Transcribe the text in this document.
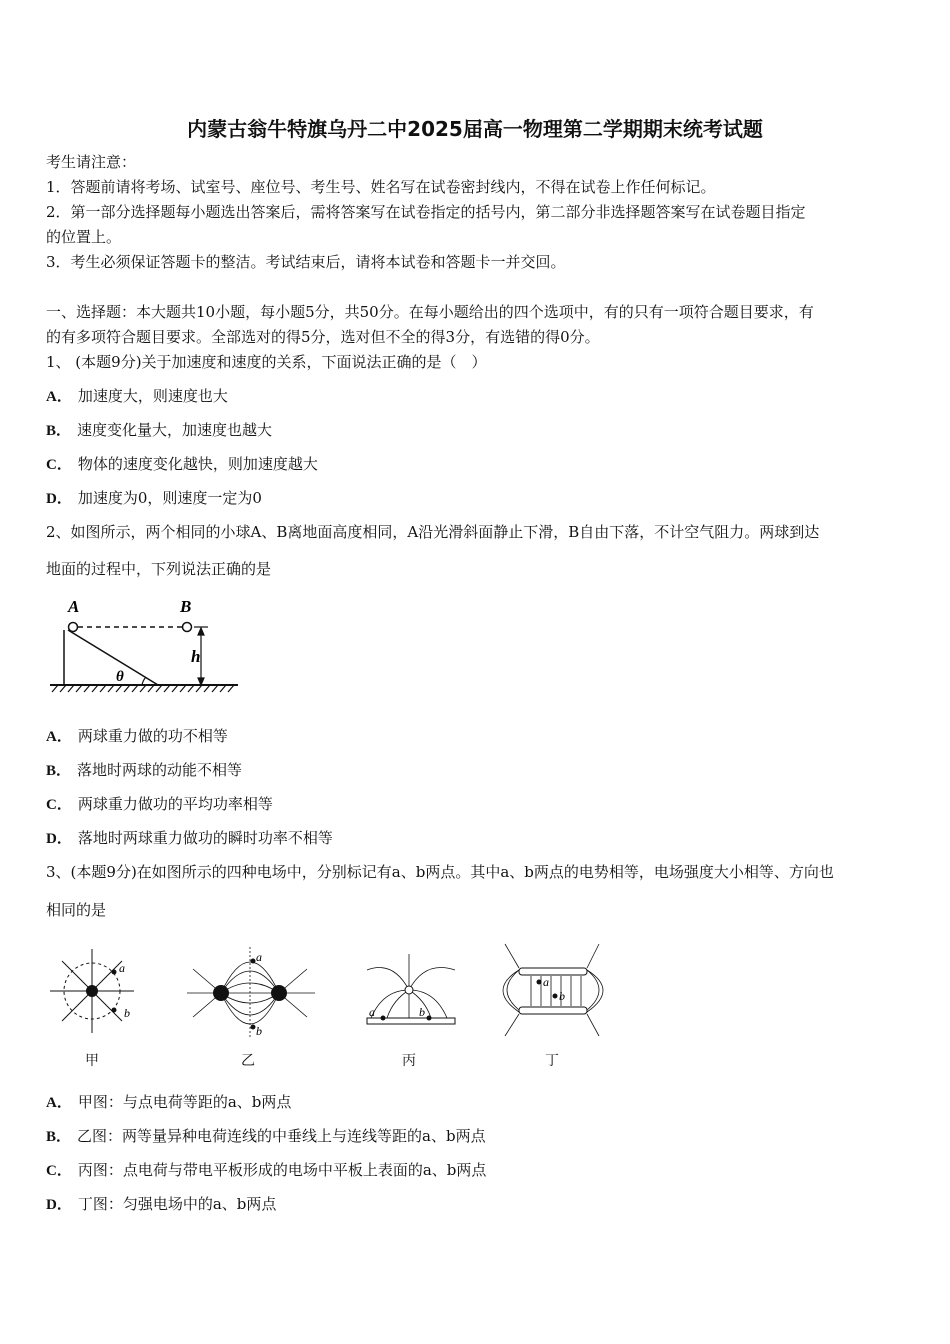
内蒙古翁牛特旗乌丹二中2025届高一物理第二学期期末统考试题
考生请注意：
1．答题前请将考场、试室号、座位号、考生号、姓名写在试卷密封线内，不得在试卷上作任何标记。
2．第一部分选择题每小题选出答案后，需将答案写在试卷指定的括号内，第二部分非选择题答案写在试卷题目指定
的位置上。
3．考生必须保证答题卡的整洁。考试结束后，请将本试卷和答题卡一并交回。
一、选择题：本大题共10小题，每小题5分，共50分。在每小题给出的四个选项中，有的只有一项符合题目要求，有
的有多项符合题目要求。全部选对的得5分，选对但不全的得3分，有选错的得0分。
1、 (本题9分)关于加速度和速度的关系，下面说法正确的是（　）
A． 加速度大，则速度也大
B． 速度变化量大，加速度也越大
C． 物体的速度变化越快，则加速度越大
D． 加速度为0，则速度一定为0
2、如图所示，两个相同的小球A、B离地面高度相同，A沿光滑斜面静止下滑，B自由下落，不计空气阻力。两球到达
地面的过程中，下列说法正确的是
A	B
h
θ
A． 两球重力做的功不相等
B． 落地时两球的动能不相等
C． 两球重力做功的平均功率相等
D． 落地时两球重力做功的瞬时功率不相等
3、(本题9分)在如图所示的四种电场中，分别标记有a、b两点。其中a、b两点的电势相等，电场强度大小相等、方向也
相同的是
a
b
甲
a
b
乙
a	b
丙
a
b
丁
A． 甲图：与点电荷等距的a、b两点
B． 乙图：两等量异种电荷连线的中垂线上与连线等距的a、b两点
C． 丙图：点电荷与带电平板形成的电场中平板上表面的a、b两点
D． 丁图：匀强电场中的a、b两点
